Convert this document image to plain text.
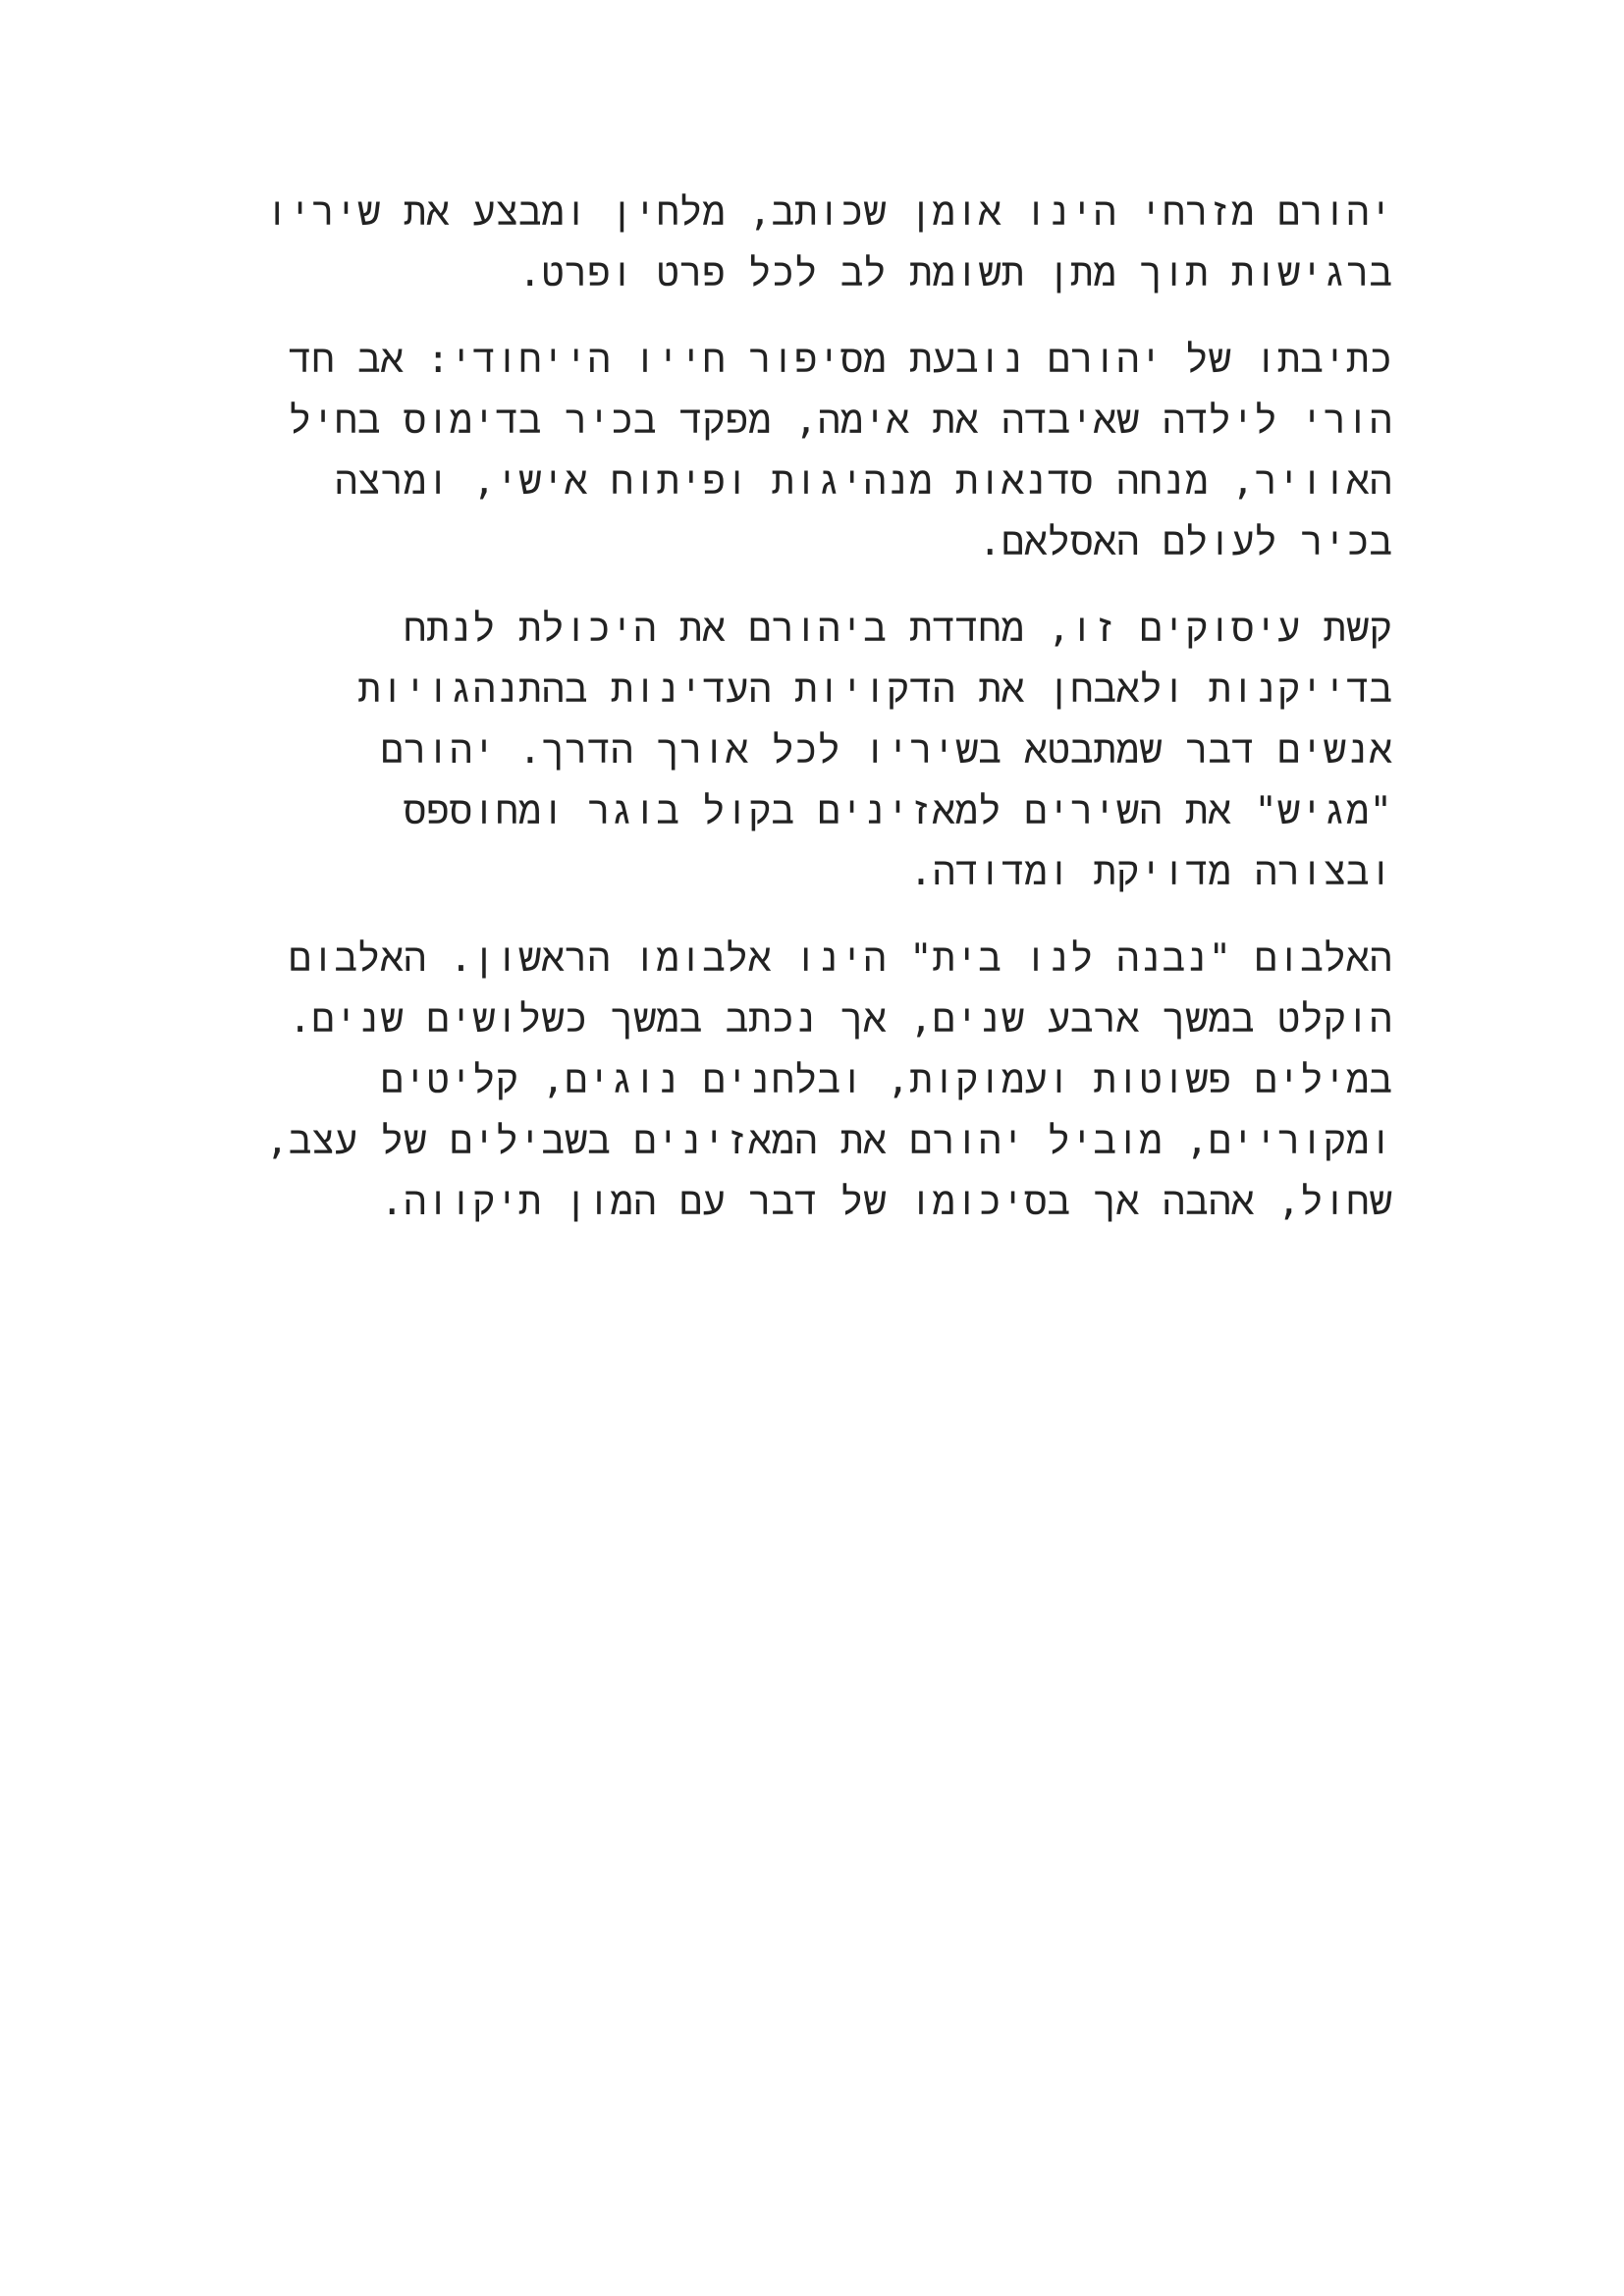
יהורם מזרחי הינו אומן שכותב, מלחין ומבצע את שיריו
ברגישות תוך מתן תשומת לב לכל פרט ופרט.

כתיבתו של יהורם נובעת מסיפור חייו הייחודי: אב חד
הורי לילדה שאיבדה את אימה, מפקד בכיר בדימוס בחיל
האוויר, מנחה סדנאות מנהיגות ופיתוח אישי, ומרצה
בכיר לעולם האסלאם.

קשת עיסוקים זו, מחדדת ביהורם את היכולת לנתח
בדייקנות ולאבחן את הדקויות העדינות בהתנהגויות
אנשים דבר שמתבטא בשיריו לכל אורך הדרך. יהורם
"מגיש" את השירים למאזינים בקול בוגר ומחוספס
ובצורה מדויקת ומדודה.

האלבום "נבנה לנו בית" הינו אלבומו הראשון. האלבום
הוקלט במשך ארבע שנים, אך נכתב במשך כשלושים שנים.
במילים פשוטות ועמוקות, ובלחנים נוגים, קליטים
ומקוריים, מוביל יהורם את המאזינים בשבילים של עצב,
שחול, אהבה אך בסיכומו של דבר עם המון תיקווה.
